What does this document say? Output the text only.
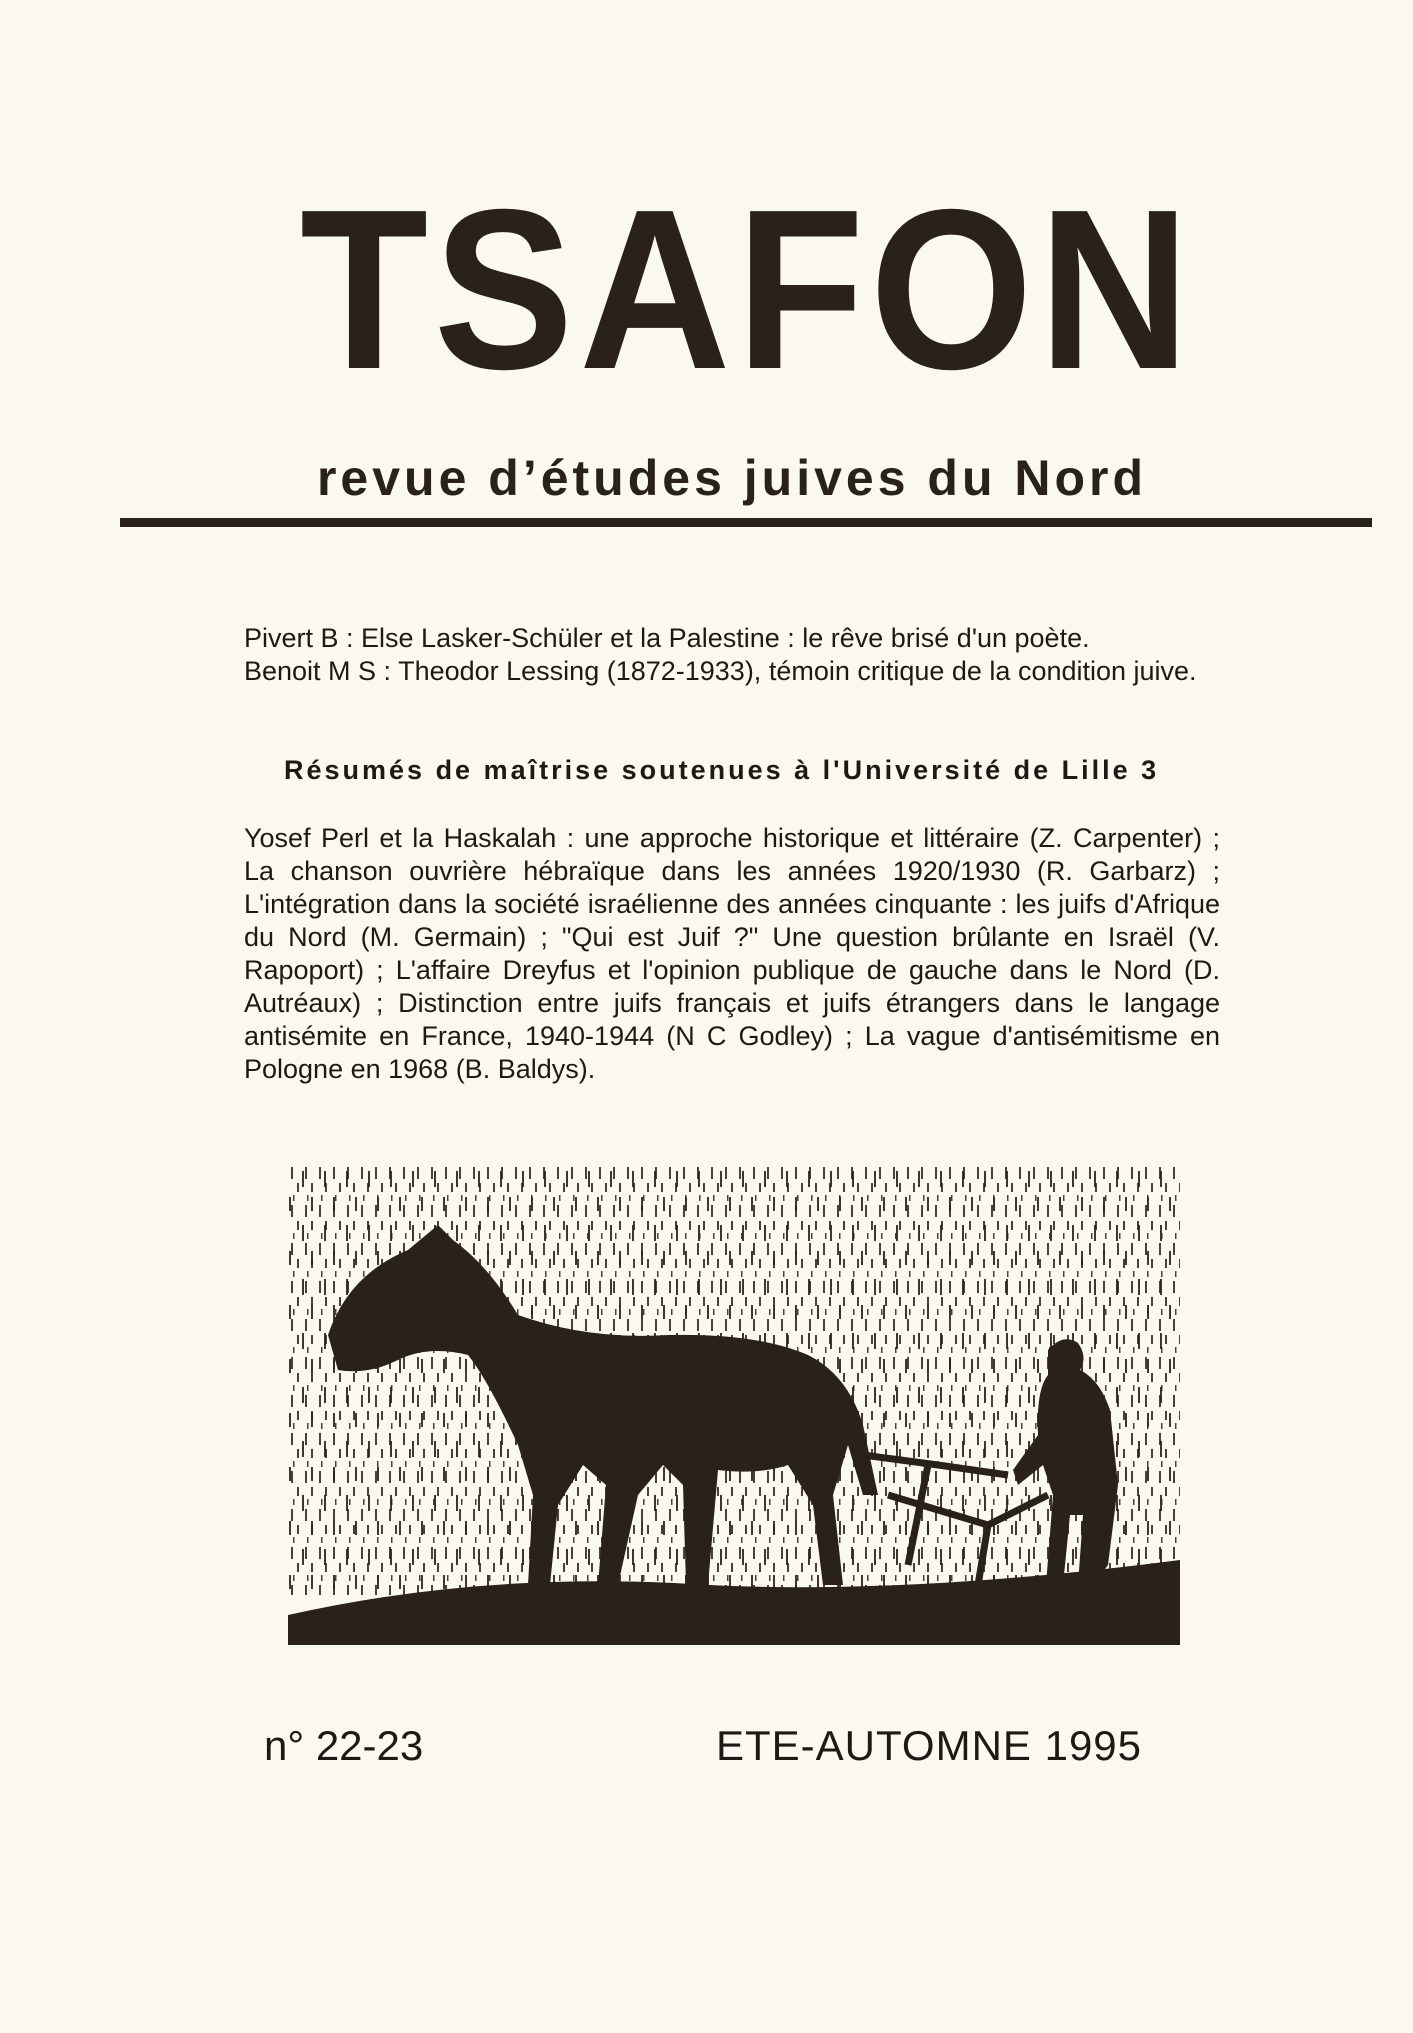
TSAFON

revue d’études juives du Nord

Pivert B : Else Lasker-Schüler et la Palestine : le rêve brisé d'un poète.

Benoit M S : Theodor Lessing (1872-1933), témoin critique de la condition juive.

Résumés de maîtrise soutenues à l'Université de Lille 3

Yosef Perl et la Haskalah : une approche historique et littéraire (Z. Carpenter) ; La chanson ouvrière hébraïque dans les années 1920/1930 (R. Garbarz) ; L'intégration dans la société israélienne des années cinquante : les juifs d'Afrique du Nord (M. Germain) ; "Qui est Juif ?" Une question brûlante en Israël (V. Rapoport) ; L'affaire Dreyfus et l'opinion publique de gauche dans le Nord (D. Autréaux) ; Distinction entre juifs français et juifs étrangers dans le langage antisémite en France, 1940-1944 (N C Godley) ; La vague d'antisémitisme en Pologne en 1968 (B. Baldys).

n° 22-23	ETE-AUTOMNE 1995
